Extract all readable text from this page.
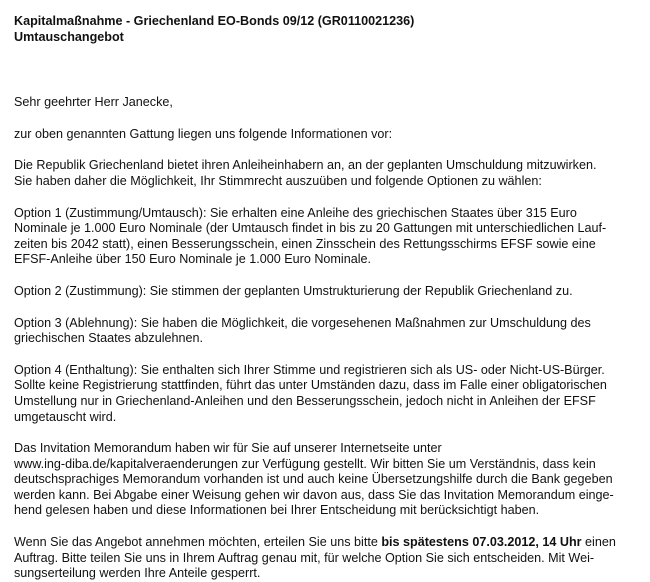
Kapitalmaßnahme - Griechenland EO-Bonds 09/12 (GR0110021236)

Umtauschangebot

Sehr geehrter Herr Janecke,

zur oben genannten Gattung liegen uns folgende Informationen vor:

Die Republik Griechenland bietet ihren Anleiheinhabern an, an der geplanten Umschuldung mitzuwirken.

Sie haben daher die Möglichkeit, Ihr Stimmrecht auszuüben und folgende Optionen zu wählen:

Option 1 (Zustimmung/Umtausch): Sie erhalten eine Anleihe des griechischen Staates über 315 Euro

Nominale je 1.000 Euro Nominale (der Umtausch findet in bis zu 20 Gattungen mit unterschiedlichen Lauf-

zeiten bis 2042 statt), einen Besserungsschein, einen Zinsschein des Rettungsschirms EFSF sowie eine

EFSF-Anleihe über 150 Euro Nominale je 1.000 Euro Nominale.

Option 2 (Zustimmung): Sie stimmen der geplanten Umstrukturierung der Republik Griechenland zu.

Option 3 (Ablehnung): Sie haben die Möglichkeit, die vorgesehenen Maßnahmen zur Umschuldung des

griechischen Staates abzulehnen.

Option 4 (Enthaltung): Sie enthalten sich Ihrer Stimme und registrieren sich als US- oder Nicht-US-Bürger.

Sollte keine Registrierung stattfinden, führt das unter Umständen dazu, dass im Falle einer obligatorischen

Umstellung nur in Griechenland-Anleihen und den Besserungsschein, jedoch nicht in Anleihen der EFSF

umgetauscht wird.

Das Invitation Memorandum haben wir für Sie auf unserer Internetseite unter

www.ing-diba.de/kapitalveraenderungen zur Verfügung gestellt. Wir bitten Sie um Verständnis, dass kein

deutschsprachiges Memorandum vorhanden ist und auch keine Übersetzungshilfe durch die Bank gegeben

werden kann. Bei Abgabe einer Weisung gehen wir davon aus, dass Sie das Invitation Memorandum einge-

hend gelesen haben und diese Informationen bei Ihrer Entscheidung mit berücksichtigt haben.

Wenn Sie das Angebot annehmen möchten, erteilen Sie uns bitte bis spätestens 07.03.2012, 14 Uhr einen

Auftrag. Bitte teilen Sie uns in Ihrem Auftrag genau mit, für welche Option Sie sich entscheiden. Mit Wei-

sungserteilung werden Ihre Anteile gesperrt.
